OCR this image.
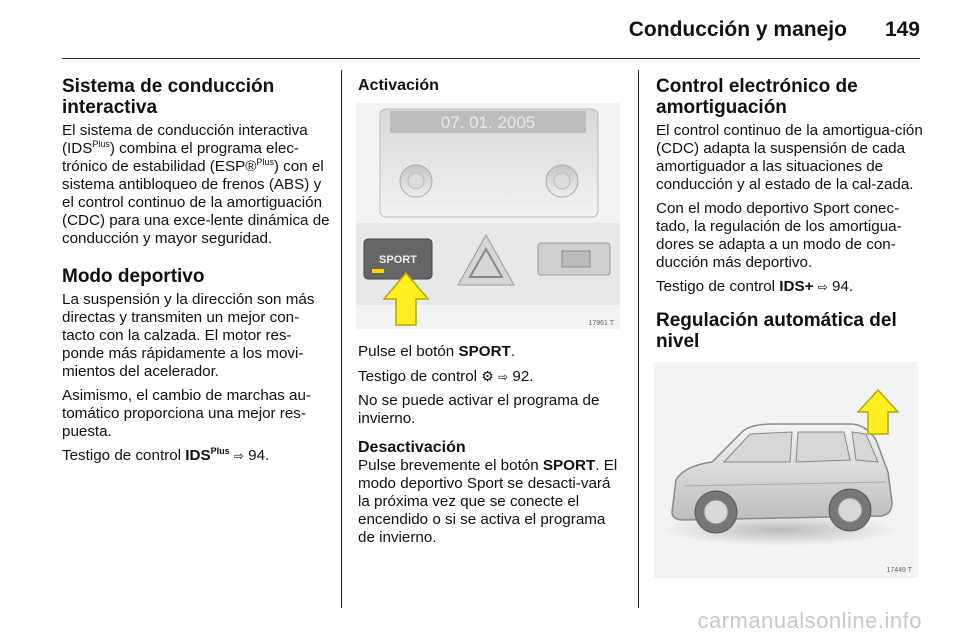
Conducción y manejo 149
Sistema de conducción interactiva

El sistema de conducción interactiva $(IDS^{Plus})$ combina el programa elec-trónico de estabilidad (ESP®$^{Plus}$) con el sistema antibloqueo de frenos (ABS) y el control continuo de la amortiguación (CDC) para una exce-lente dinámica de conducción y mayor seguridad.

Modo deportivo

La suspensión y la dirección son más directas y transmiten un mejor con-tacto con la calzada. El motor res-ponde más rápidamente a los movi-mientos del acelerador.

Asimismo, el cambio de marchas au-tomático proporciona una mejor res-puesta.

Testigo de control $IDS^{Plus}$ ⇨ 94.

Activación
07. 01. 2005
SPORT
17961 T

Pulse el botón SPORT.

Testigo de control ⚙ ⇨ 92.

No se puede activar el programa de invierno.

Desactivación

Pulse brevemente el botón SPORT. El modo deportivo Sport se desacti-vará la próxima vez que se conecte el encendido o si se activa el programa de invierno.

Control electrónico de amortiguación

El control continuo de la amortigua-ción (CDC) adapta la suspensión de cada amortiguador a las situaciones de conducción y al estado de la cal-zada.

Con el modo deportivo Sport conec-tado, la regulación de los amortigua-dores se adapta a un modo de con-ducción más deportivo.

Testigo de control IDS+ ⇨ 94.

Regulación automática del nivel
17449 T
carmanualsonline.info
